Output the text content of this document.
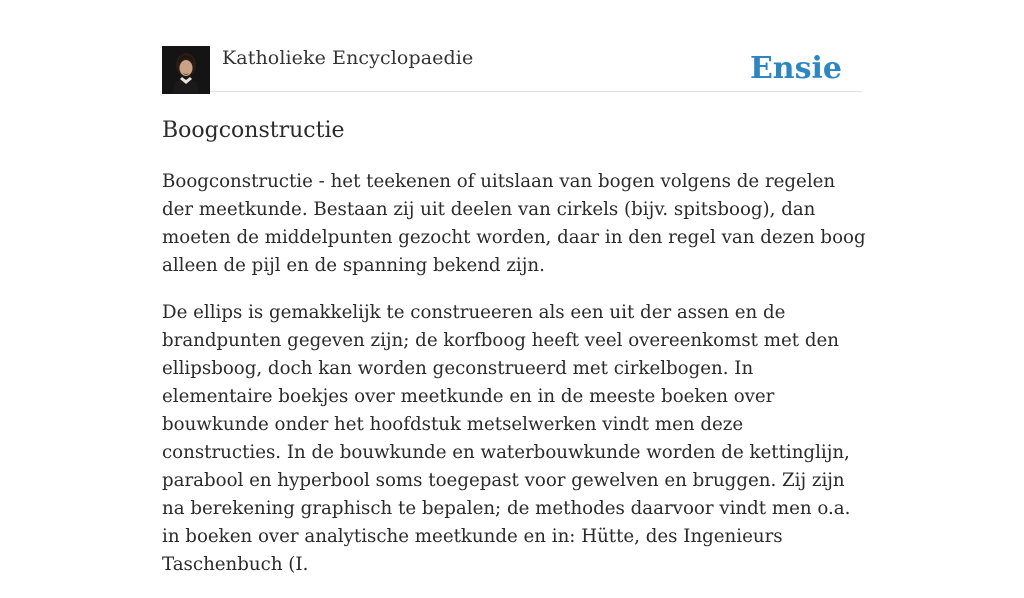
Katholieke Encyclopaedie	Ensie
Boogconstructie

Boogconstructie - het teekenen of uitslaan van bogen volgens de regelen der meetkunde. Bestaan zij uit deelen van cirkels (bijv. spitsboog), dan moeten de middelpunten gezocht worden, daar in den regel van dezen boog alleen de pijl en de spanning bekend zijn.

De ellips is gemakkelijk te construeeren als een uit der assen en de brandpunten gegeven zijn; de korfboog heeft veel overeenkomst met den ellipsboog, doch kan worden geconstrueerd met cirkelbogen. In elementaire boekjes over meetkunde en in de meeste boeken over bouwkunde onder het hoofdstuk metselwerken vindt men deze constructies. In de bouwkunde en waterbouwkunde worden de kettinglijn, parabool en hyperbool soms toegepast voor gewelven en bruggen. Zij zijn na berekening graphisch te bepalen; de methodes daarvoor vindt men o.a. in boeken over analytische meetkunde en in: Hütte, des Ingenieurs Taschenbuch (I.
